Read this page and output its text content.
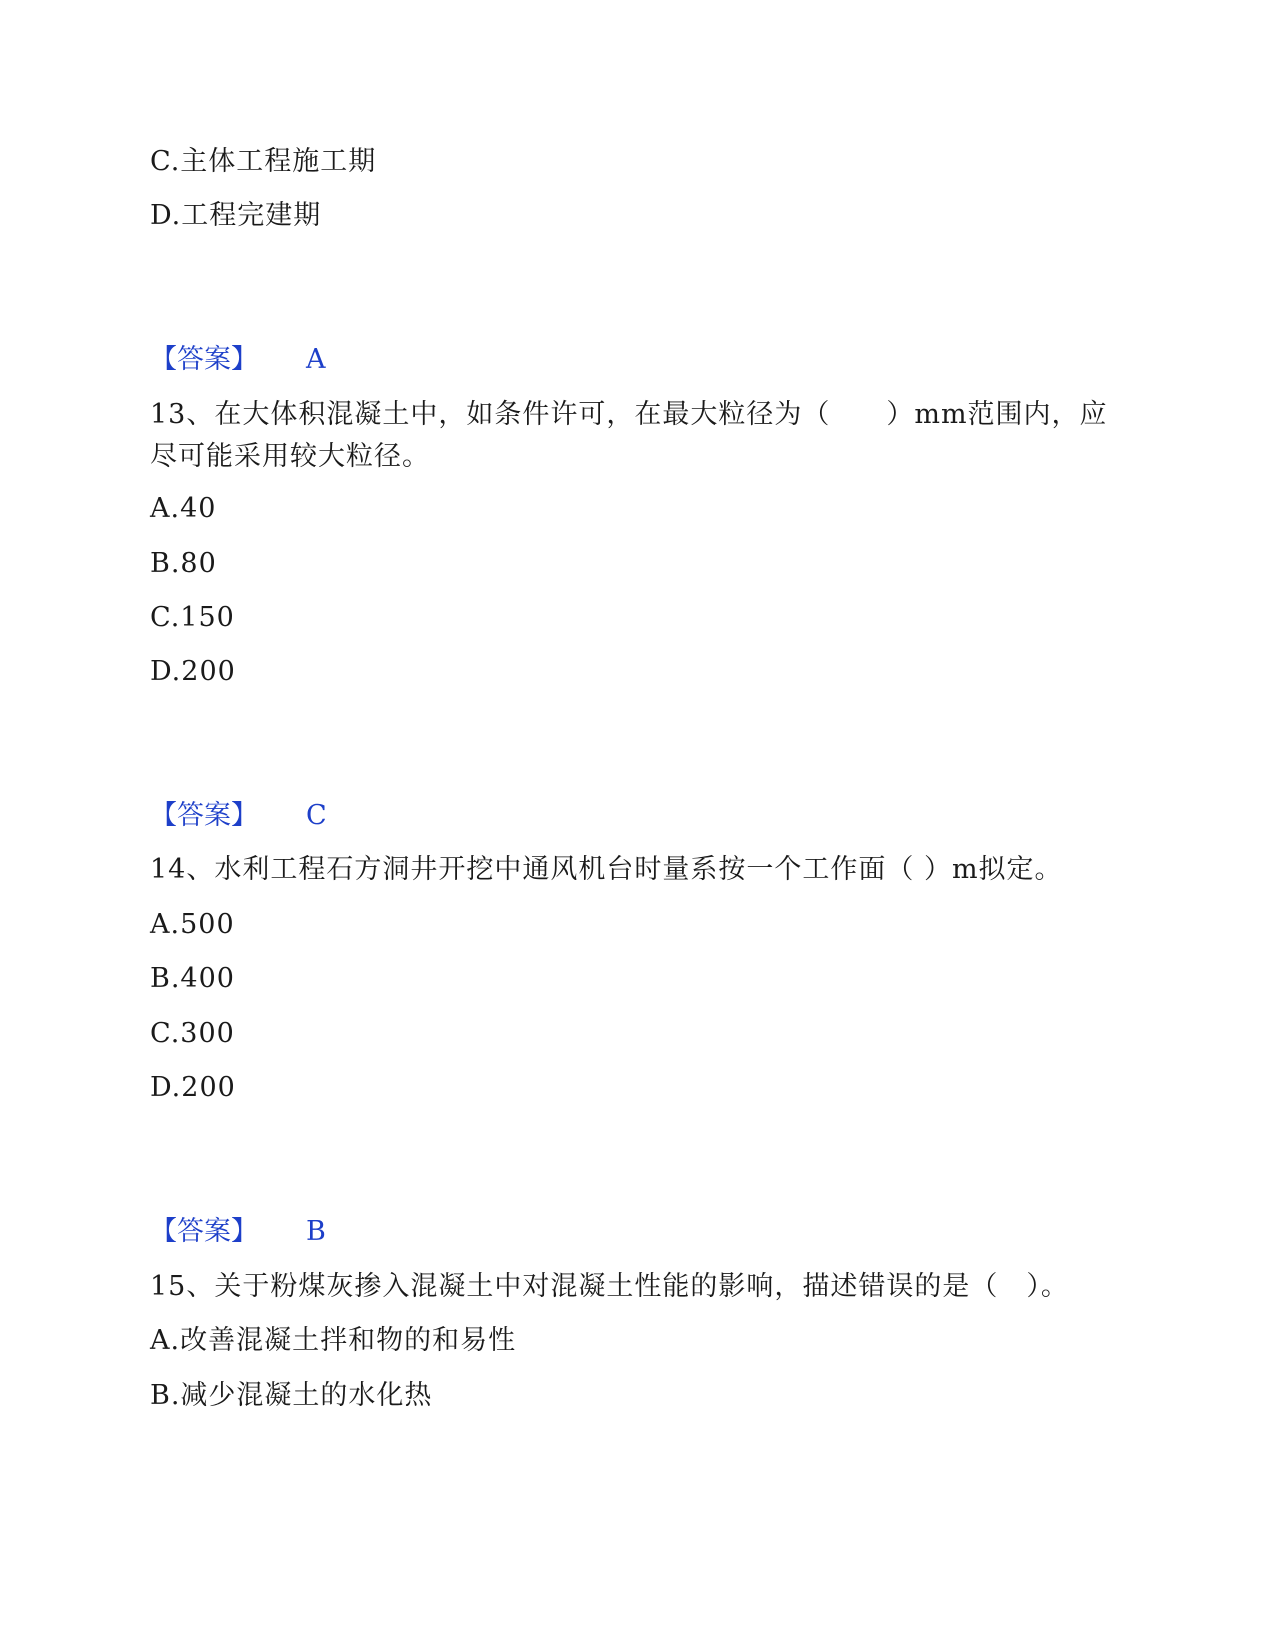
C.主体工程施工期
D.工程完建期
【答案】 A
13、在大体积混凝土中，如条件许可，在最大粒径为（　　）mm范围内，应尽可能采用较大粒径。
A.40
B.80
C.150
D.200
【答案】 C
14、水利工程石方洞井开挖中通风机台时量系按一个工作面（ ）m拟定。
A.500
B.400
C.300
D.200
【答案】 B
15、关于粉煤灰掺入混凝土中对混凝土性能的影响，描述错误的是（　）。
A.改善混凝土拌和物的和易性
B.减少混凝土的水化热
